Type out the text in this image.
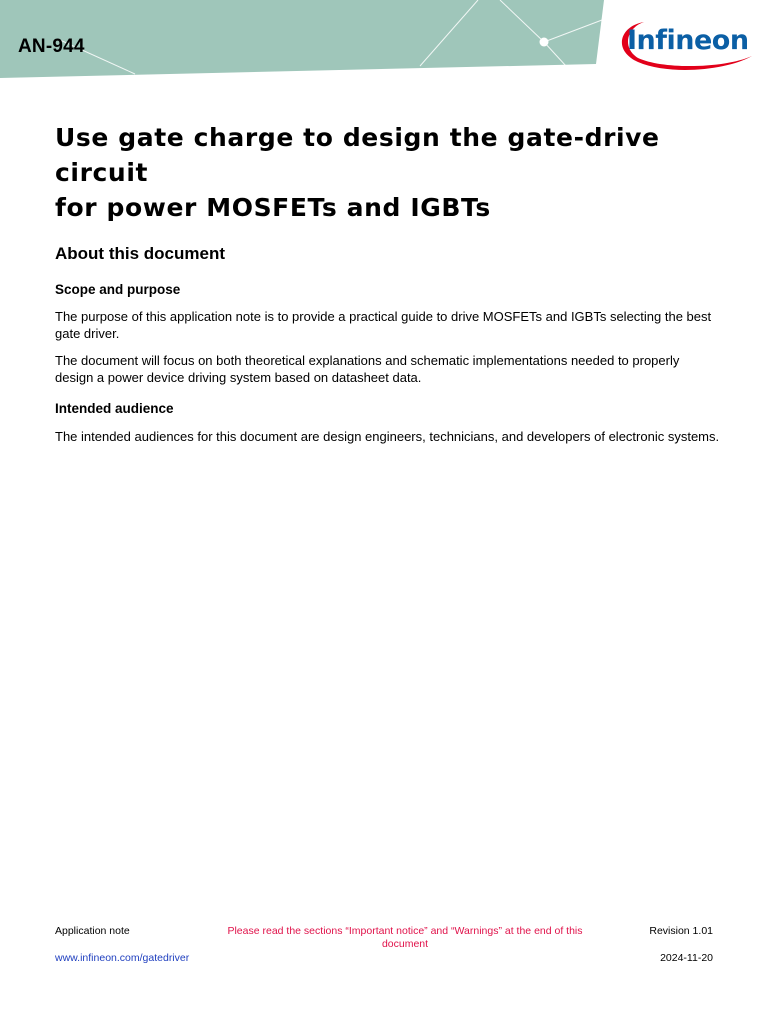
AN-944	Infineon
Use gate charge to design the gate-drive circuit
for power MOSFETs and IGBTs
About this document
Scope and purpose

The purpose of this application note is to provide a practical guide to drive MOSFETs and IGBTs selecting the best gate driver.

The document will focus on both theoretical explanations and schematic implementations needed to properly design a power device driving system based on datasheet data.

Intended audience

The intended audiences for this document are design engineers, technicians, and developers of electronic systems.

Application note
www.infineon.com/gatedriver
Please read the sections “Important notice” and “Warnings” at the end of this document
Revision 1.01
2024-11-20
